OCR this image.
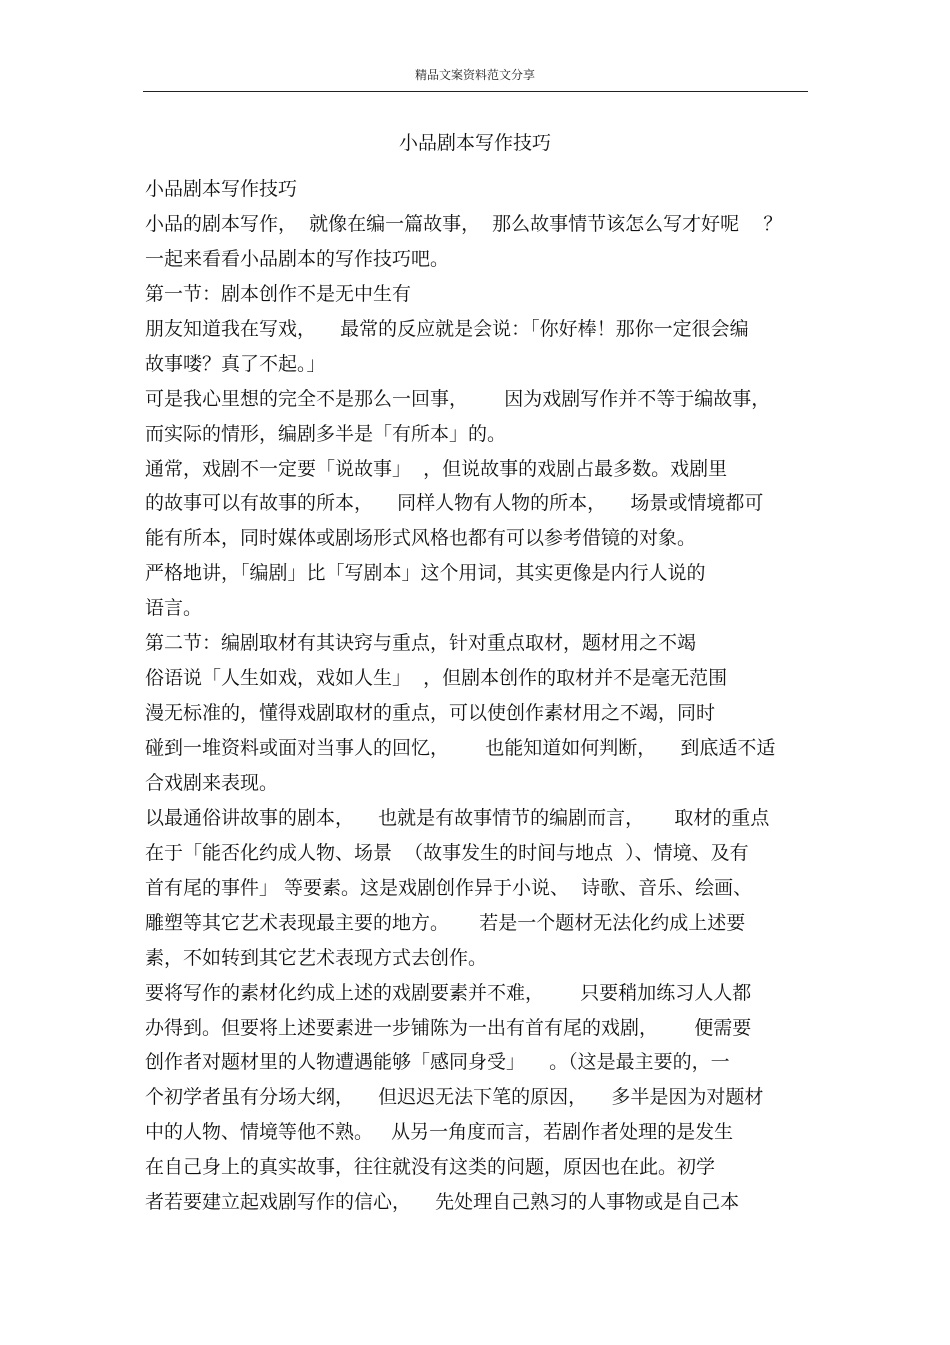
精品文案资料范文分享
小品剧本写作技巧
小品剧本写作技巧
小品的剧本写作，  就像在编一篇故事，  那么故事情节该怎么写才好呢    ？
一起来看看小品剧本的写作技巧吧。
第一节：剧本创作不是无中生有
朋友知道我在写戏，    最常的反应就是会说：「你好棒！那你一定很会编
故事喽？真了不起。」
可是我心里想的完全不是那么一回事，      因为戏剧写作并不等于编故事，
而实际的情形，编剧多半是「有所本」的。
通常，戏剧不一定要「说故事」  ，但说故事的戏剧占最多数。戏剧里
的故事可以有故事的所本，    同样人物有人物的所本，    场景或情境都可
能有所本，同时媒体或剧场形式风格也都有可以参考借镜的对象。
严格地讲，「编剧」比「写剧本」这个用词，其实更像是内行人说的
语言。
第二节：编剧取材有其诀窍与重点，针对重点取材，题材用之不竭
俗语说「人生如戏，戏如人生」  ，但剧本创作的取材并不是毫无范围
漫无标准的，懂得戏剧取材的重点，可以使创作素材用之不竭，同时
碰到一堆资料或面对当事人的回忆，      也能知道如何判断，    到底适不适
合戏剧来表现。
以最通俗讲故事的剧本，    也就是有故事情节的编剧而言，     取材的重点
在于「能否化约成人物、场景  （故事发生的时间与地点  ）、情境、及有
首有尾的事件」 等要素。这是戏剧创作异于小说、  诗歌、音乐、绘画、
雕塑等其它艺术表现最主要的地方。     若是一个题材无法化约成上述要
素，不如转到其它艺术表现方式去创作。
要将写作的素材化约成上述的戏剧要素并不难，      只要稍加练习人人都
办得到。但要将上述要素进一步铺陈为一出有首有尾的戏剧，      便需要
创作者对题材里的人物遭遇能够「感同身受」    。（这是最主要的，一
个初学者虽有分场大纲，    但迟迟无法下笔的原因，    多半是因为对题材
中的人物、情境等他不熟。   从另一角度而言，若剧作者处理的是发生
在自己身上的真实故事，往往就没有这类的问题，原因也在此。初学
者若要建立起戏剧写作的信心，    先处理自己熟习的人事物或是自己本
